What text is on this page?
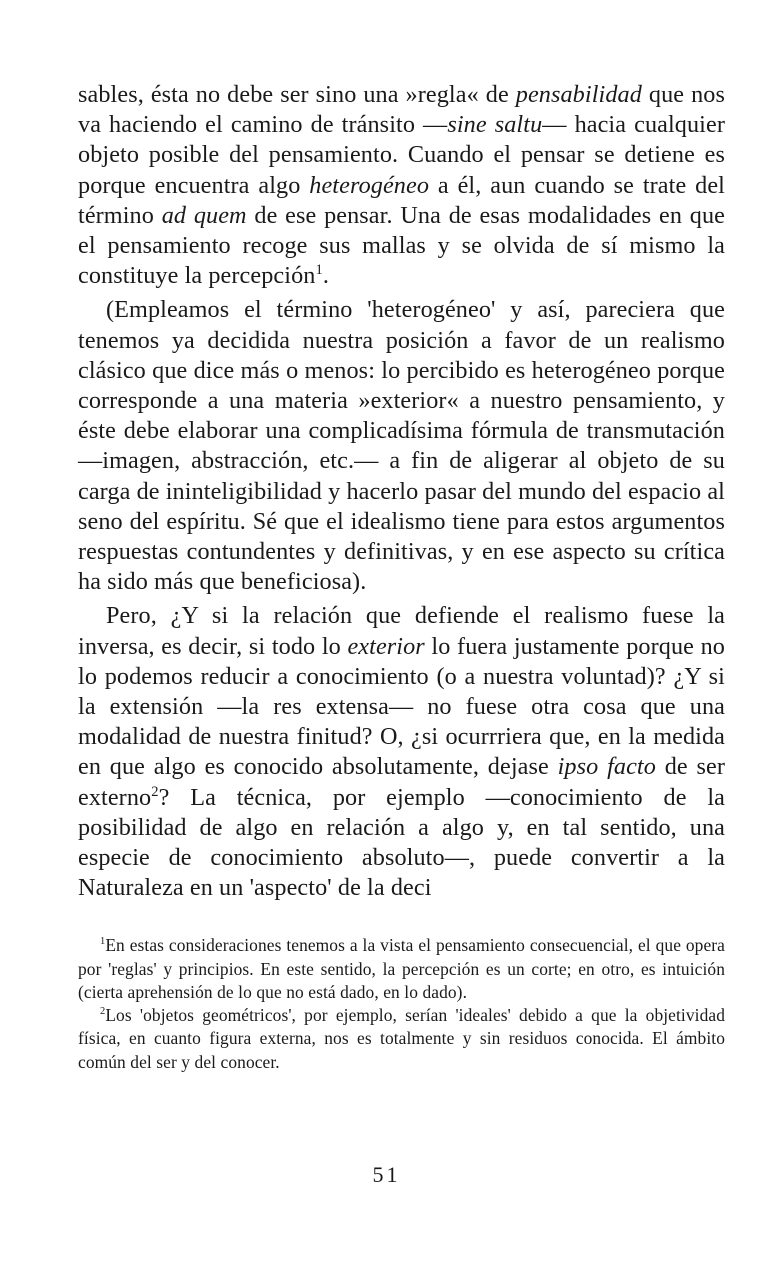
sables, ésta no debe ser sino una »regla« de pensabilidad que nos va haciendo el camino de tránsito —sine saltu— hacia cualquier objeto posible del pensamiento. Cuando el pensar se detiene es porque encuentra algo heterogéneo a él, aun cuando se trate del término ad quem de ese pensar. Una de esas modalidades en que el pensamiento recoge sus mallas y se olvida de sí mismo la constituye la percepción$^1$.

(Empleamos el término 'heterogéneo' y así, pareciera que tenemos ya decidida nuestra posición a favor de un realismo clásico que dice más o menos: lo percibido es heterogéneo porque corresponde a una materia »exterior« a nuestro pensamiento, y éste debe elaborar una complicadísima fórmula de transmutación —imagen, abstracción, etc.— a fin de aligerar al objeto de su carga de ininteligibilidad y hacerlo pasar del mundo del espacio al seno del espíritu. Sé que el idealismo tiene para estos argumentos respuestas contundentes y definitivas, y en ese aspecto su crítica ha sido más que beneficiosa).

Pero, ¿Y si la relación que defiende el realismo fuese la inversa, es decir, si todo lo exterior lo fuera justamente porque no lo podemos reducir a conocimiento (o a nuestra voluntad)? ¿Y si la extensión —la res extensa— no fuese otra cosa que una modalidad de nuestra finitud? O, ¿si ocurrriera que, en la medida en que algo es conocido absolutamente, dejase ipso facto de ser externo$^2$? La técnica, por ejemplo —conocimiento de la posibilidad de algo en relación a algo y, en tal sentido, una especie de conocimiento absoluto—, puede convertir a la Naturaleza en un 'aspecto' de la deci

$^1$En estas consideraciones tenemos a la vista el pensamiento consecuencial, el que opera por 'reglas' y principios. En este sentido, la percepción es un corte; en otro, es intuición (cierta aprehensión de lo que no está dado, en lo dado).

$^2$Los 'objetos geométricos', por ejemplo, serían 'ideales' debido a que la objetividad física, en cuanto figura externa, nos es totalmente y sin residuos conocida. El ámbito común del ser y del conocer.

51
